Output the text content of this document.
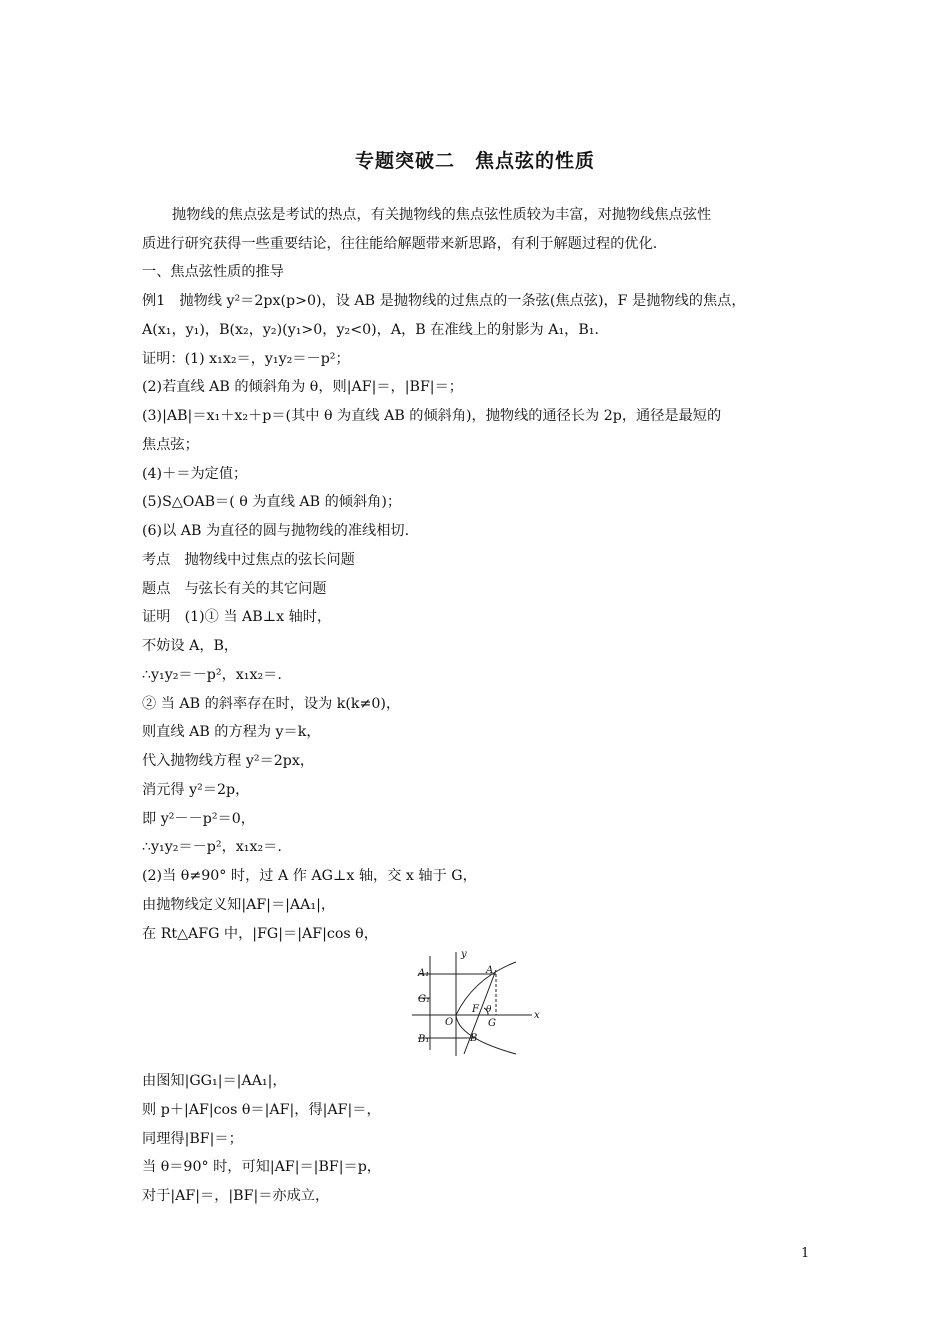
专题突破二　焦点弦的性质
抛物线的焦点弦是考试的热点，有关抛物线的焦点弦性质较为丰富，对抛物线焦点弦性
质进行研究获得一些重要结论，往往能给解题带来新思路，有利于解题过程的优化.
一、焦点弦性质的推导
例1　抛物线 y²＝2px(p>0)，设 AB 是抛物线的过焦点的一条弦(焦点弦)，F 是抛物线的焦点，
A(x₁，y₁)，B(x₂，y₂)(y₁>0，y₂<0)，A，B 在准线上的射影为 A₁，B₁.
证明：(1) x₁x₂＝，y₁y₂＝－p²；
(2)若直线 AB 的倾斜角为 θ，则|AF|＝，|BF|＝；
(3)|AB|＝x₁＋x₂＋p＝(其中 θ 为直线 AB 的倾斜角)，抛物线的通径长为 2p，通径是最短的
焦点弦；
(4)＋＝为定值；
(5)S△OAB＝( θ 为直线 AB 的倾斜角)；
(6)以 AB 为直径的圆与抛物线的准线相切.
考点　抛物线中过焦点的弦长问题
题点　与弦长有关的其它问题
证明　(1)① 当 AB⊥x 轴时，
不妨设 A，B，
∴y₁y₂＝－p²，x₁x₂＝.
② 当 AB 的斜率存在时，设为 k(k≠0)，
则直线 AB 的方程为 y＝k，
代入抛物线方程 y²＝2px，
消元得 y²＝2p，
即 y²－－p²＝0，
∴y₁y₂＝－p²，x₁x₂＝.
(2)当 θ≠90° 时，过 A 作 AG⊥x 轴，交 x 轴于 G，
由抛物线定义知|AF|＝|AA₁|，
在 Rt△AFG 中，|FG|＝|AF|cos θ，
y
x
A₁	A
G₁
F θ
O	G
B₁	B
由图知|GG₁|＝|AA₁|，
则 p＋|AF|cos θ＝|AF|，得|AF|＝，
同理得|BF|＝；
当 θ＝90° 时，可知|AF|＝|BF|＝p，
对于|AF|＝，|BF|＝亦成立，
1
